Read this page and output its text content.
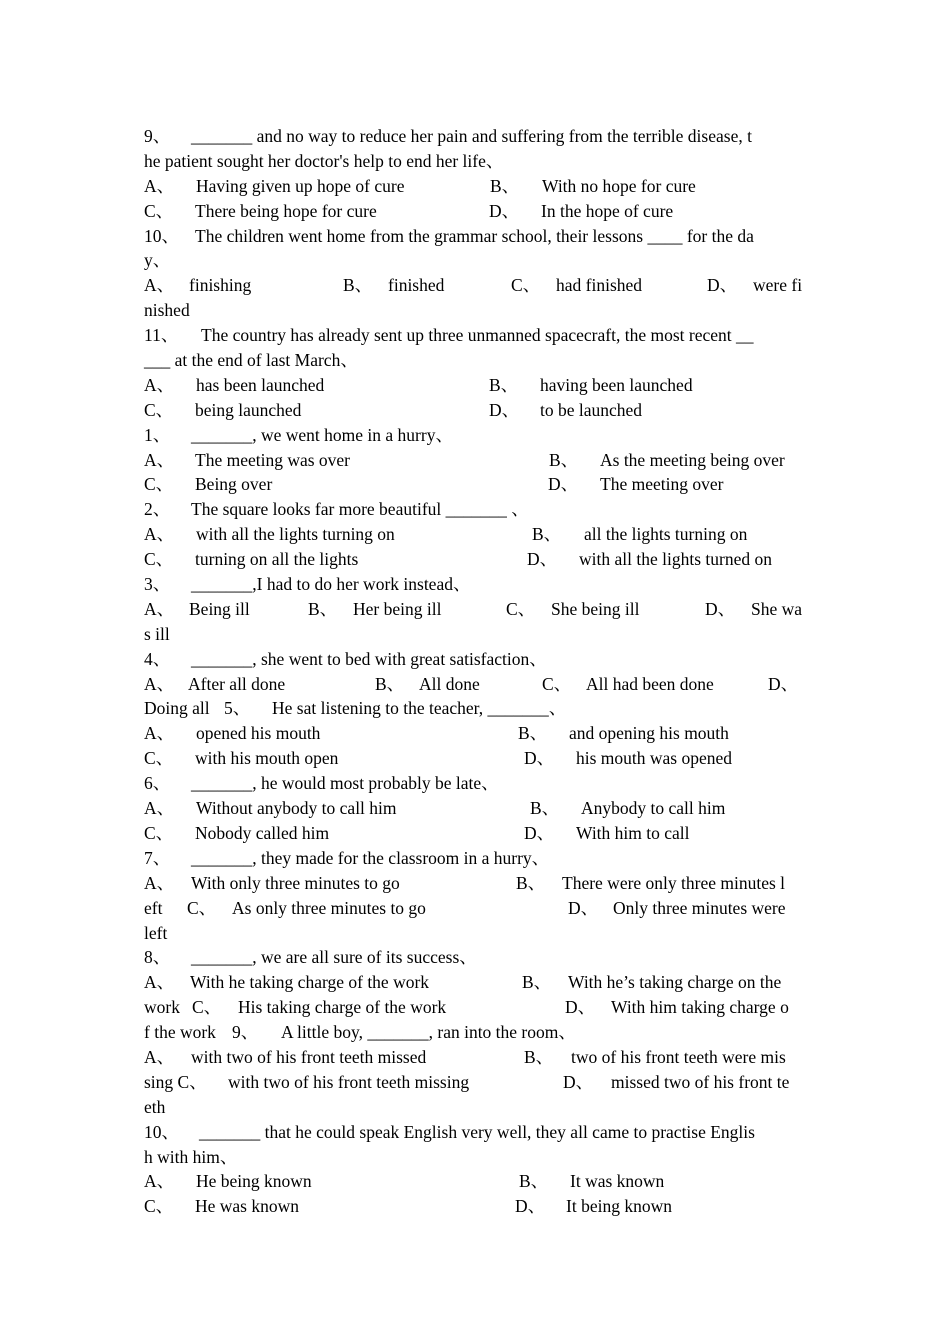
9、 _______ and no way to reduce her pain and suffering from the terrible disease, t
he patient sought her doctor's help to end her life、
A、 Having given up hope of cure	B、 With no hope for cure
C、 There being hope for cure	D、 In the hope of cure
10、 The children went home from the grammar school, their lessons ____ for the da
y、
A、 finishing	B、 finished	C、 had finished	D、 were fi
nished
11、 The country has already sent up three unmanned spacecraft, the most recent __
___ at the end of last March、
A、 has been launched	B、 having been launched
C、 being launched	D、 to be launched
1、 _______, we went home in a hurry、
A、 The meeting was over	B、 As the meeting being over
C、 Being over	D、 The meeting over
2、 The square looks far more beautiful _______ 、
A、 with all the lights turning on	B、 all the lights turning on
C、 turning on all the lights	D、 with all the lights turned on
3、 _______,I had to do her work instead、
A、 Being ill	B、 Her being ill	C、 She being ill	D、 She wa
s ill
4、 _______, she went to bed with great satisfaction、
A、 After all done	B、 All done	C、 All had been done	D、
Doing all 5、 He sat listening to the teacher, _______、
A、 opened his mouth	B、 and opening his mouth
C、 with his mouth open	D、 his mouth was opened
6、 _______, he would most probably be late、
A、 Without anybody to call him	B、 Anybody to call him
C、 Nobody called him	D、 With him to call
7、 _______, they made for the classroom in a hurry、
A、 With only three minutes to go	B、 There were only three minutes l
eft C、 As only three minutes to go	D、 Only three minutes were
left
8、 _______, we are all sure of its success、
A、 With he taking charge of the work	B、 With he’s taking charge on the
work C、 His taking charge of the work	D、 With him taking charge o
f the work 9、 A little boy, _______, ran into the room、
A、 with two of his front teeth missed	B、 two of his front teeth were mis
sing C、 with two of his front teeth missing	D、 missed two of his front te
eth
10、 _______ that he could speak English very well, they all came to practise Englis
h with him、
A、 He being known	B、 It was known
C、 He was known	D、 It being known
